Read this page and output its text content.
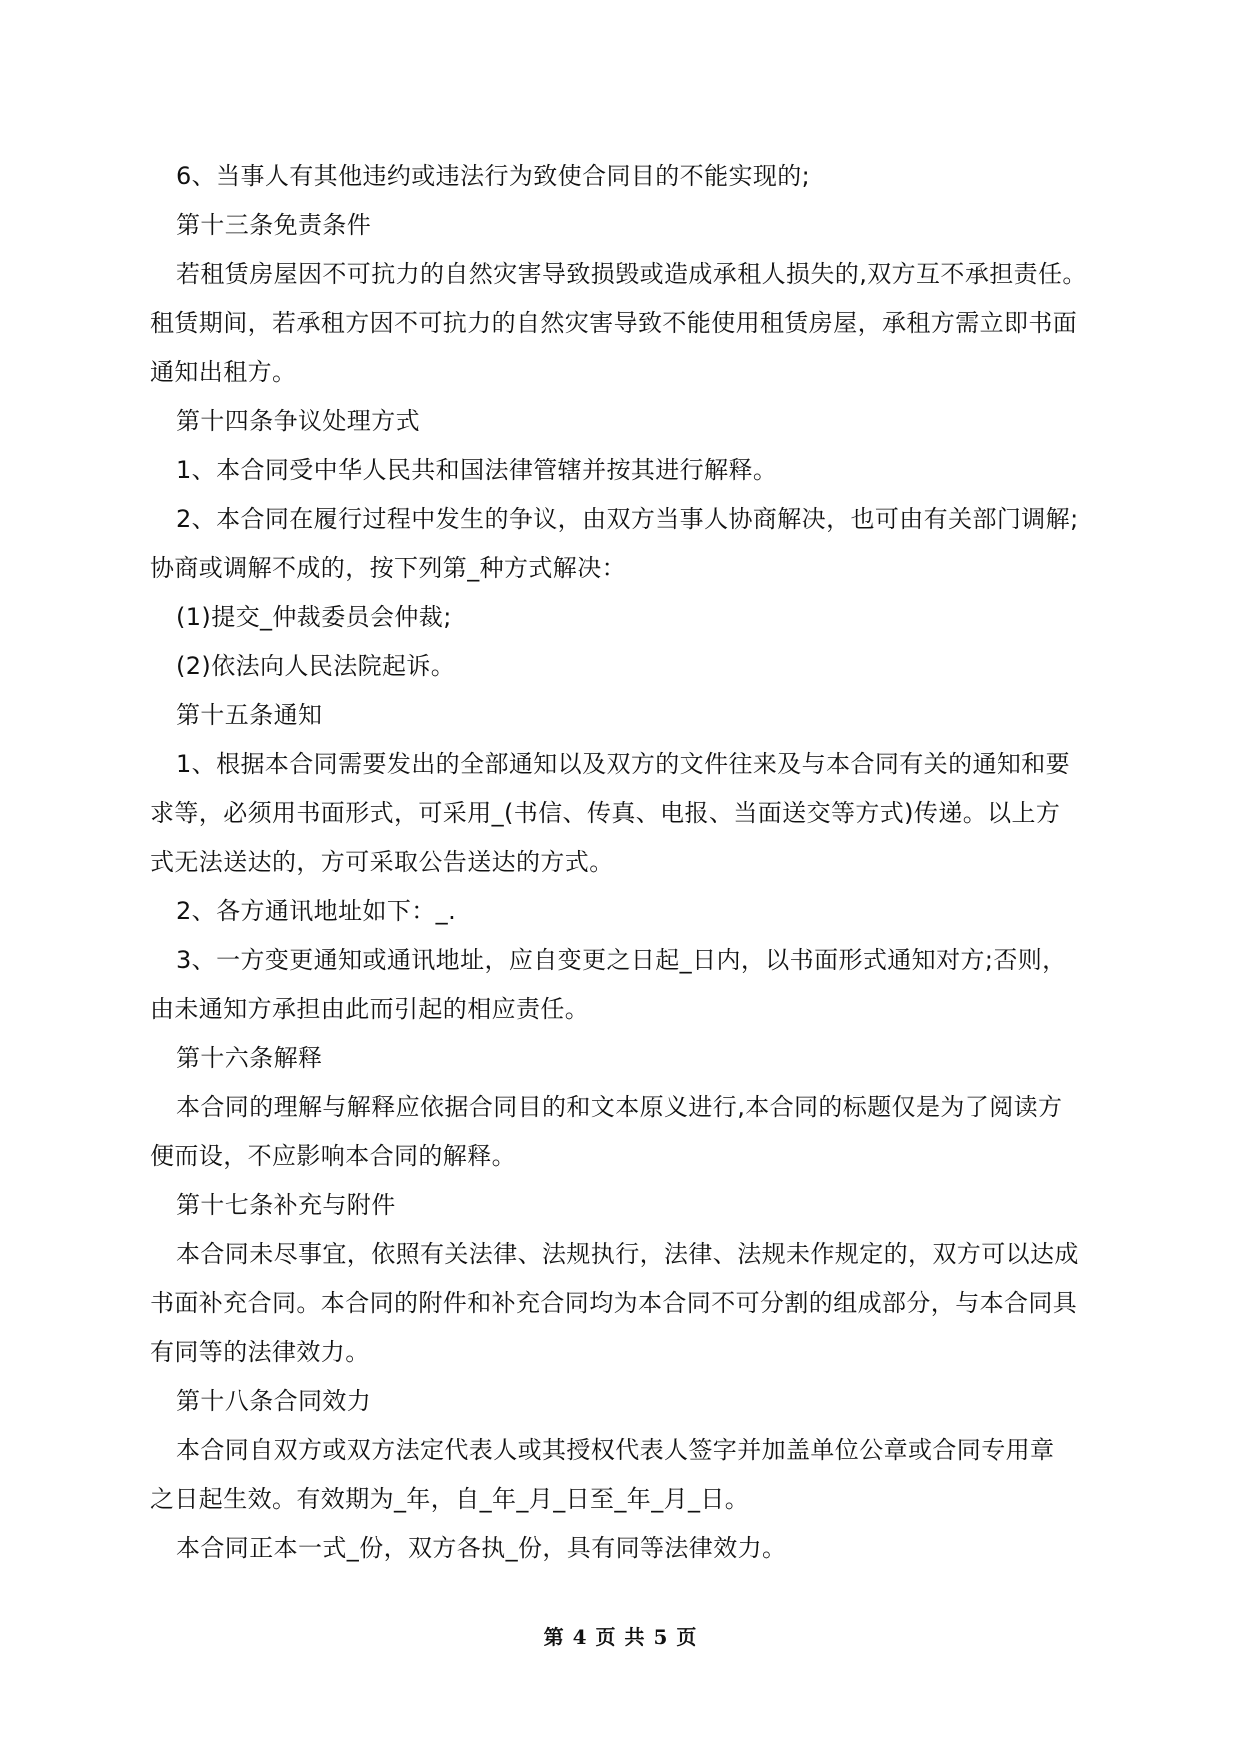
6、当事人有其他违约或违法行为致使合同目的不能实现的;
第十三条免责条件
若租赁房屋因不可抗力的自然灾害导致损毁或造成承租人损失的,双方互不承担责任。
租赁期间，若承租方因不可抗力的自然灾害导致不能使用租赁房屋，承租方需立即书面
通知出租方。
第十四条争议处理方式
1、本合同受中华人民共和国法律管辖并按其进行解释。
2、本合同在履行过程中发生的争议，由双方当事人协商解决，也可由有关部门调解;
协商或调解不成的，按下列第_种方式解决：
(1)提交_仲裁委员会仲裁;
(2)依法向人民法院起诉。
第十五条通知
1、根据本合同需要发出的全部通知以及双方的文件往来及与本合同有关的通知和要
求等，必须用书面形式，可采用_(书信、传真、电报、当面送交等方式)传递。以上方
式无法送达的，方可采取公告送达的方式。
2、各方通讯地址如下：_.
3、一方变更通知或通讯地址，应自变更之日起_日内，以书面形式通知对方;否则，
由未通知方承担由此而引起的相应责任。
第十六条解释
本合同的理解与解释应依据合同目的和文本原义进行,本合同的标题仅是为了阅读方
便而设，不应影响本合同的解释。
第十七条补充与附件
本合同未尽事宜，依照有关法律、法规执行，法律、法规未作规定的，双方可以达成
书面补充合同。本合同的附件和补充合同均为本合同不可分割的组成部分，与本合同具
有同等的法律效力。
第十八条合同效力
本合同自双方或双方法定代表人或其授权代表人签字并加盖单位公章或合同专用章
之日起生效。有效期为_年，自_年_月_日至_年_月_日。
本合同正本一式_份，双方各执_份，具有同等法律效力。
第 4 页 共 5 页
